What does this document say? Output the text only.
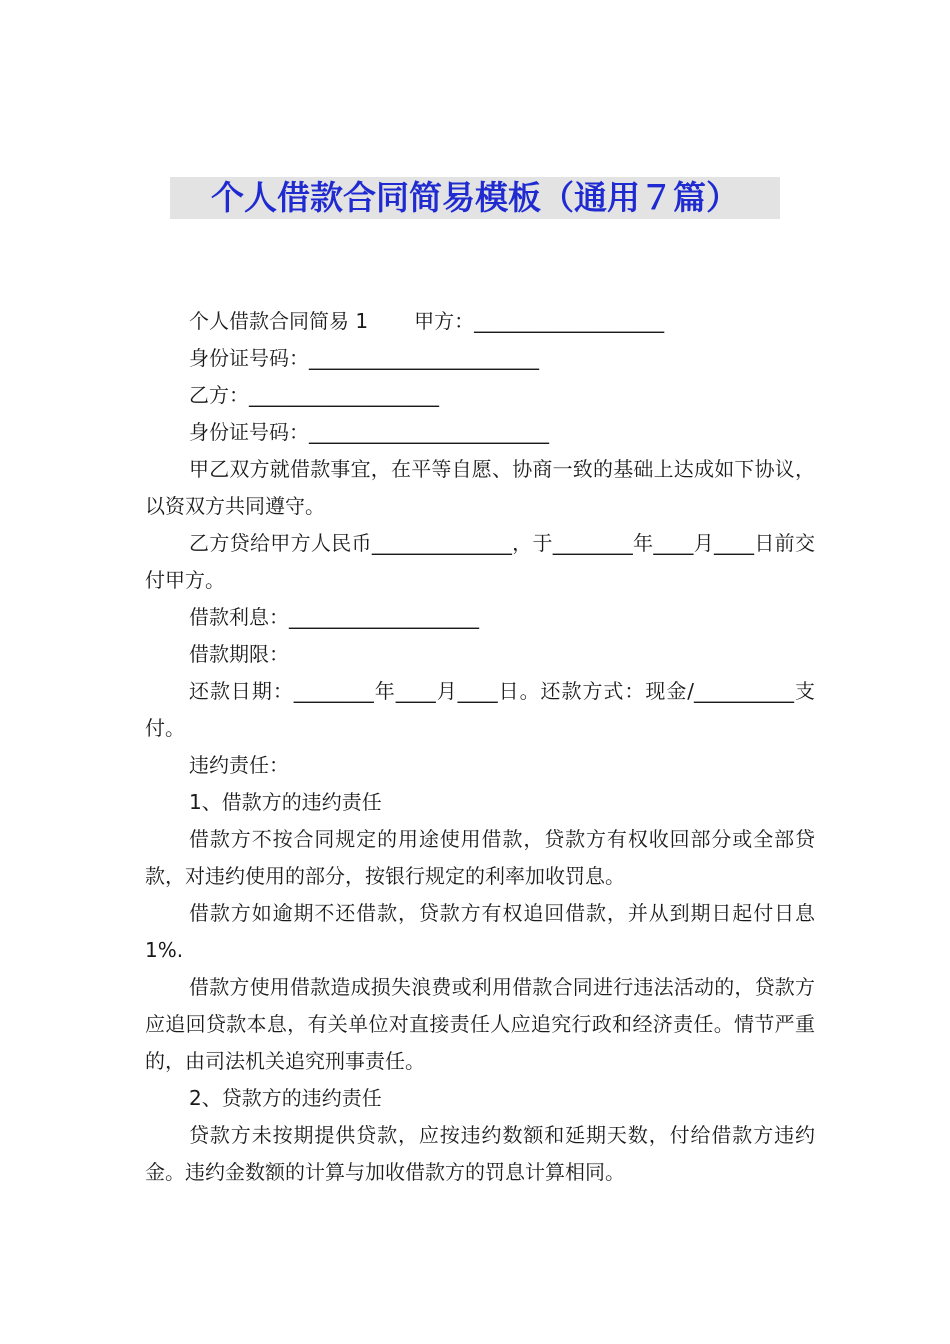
个人借款合同简易模板（通用７篇）

个人借款合同简易 1 甲方：___________________

身份证号码：_______________________

乙方：___________________

身份证号码：________________________

甲乙双方就借款事宜，在平等自愿、协商一致的基础上达成如下协议，以资双方共同遵守。

乙方贷给甲方人民币______________，于________年____月____日前交付甲方。

借款利息：___________________

借款期限：

还款日期：________年____月____日。还款方式：现金/__________支付。

违约责任：

1、借款方的违约责任

借款方不按合同规定的用途使用借款，贷款方有权收回部分或全部贷款，对违约使用的部分，按银行规定的利率加收罚息。

借款方如逾期不还借款，贷款方有权追回借款，并从到期日起付日息 1%.

借款方使用借款造成损失浪费或利用借款合同进行违法活动的，贷款方应追回贷款本息，有关单位对直接责任人应追究行政和经济责任。情节严重的，由司法机关追究刑事责任。

2、贷款方的违约责任

贷款方未按期提供贷款，应按违约数额和延期天数，付给借款方违约金。违约金数额的计算与加收借款方的罚息计算相同。
